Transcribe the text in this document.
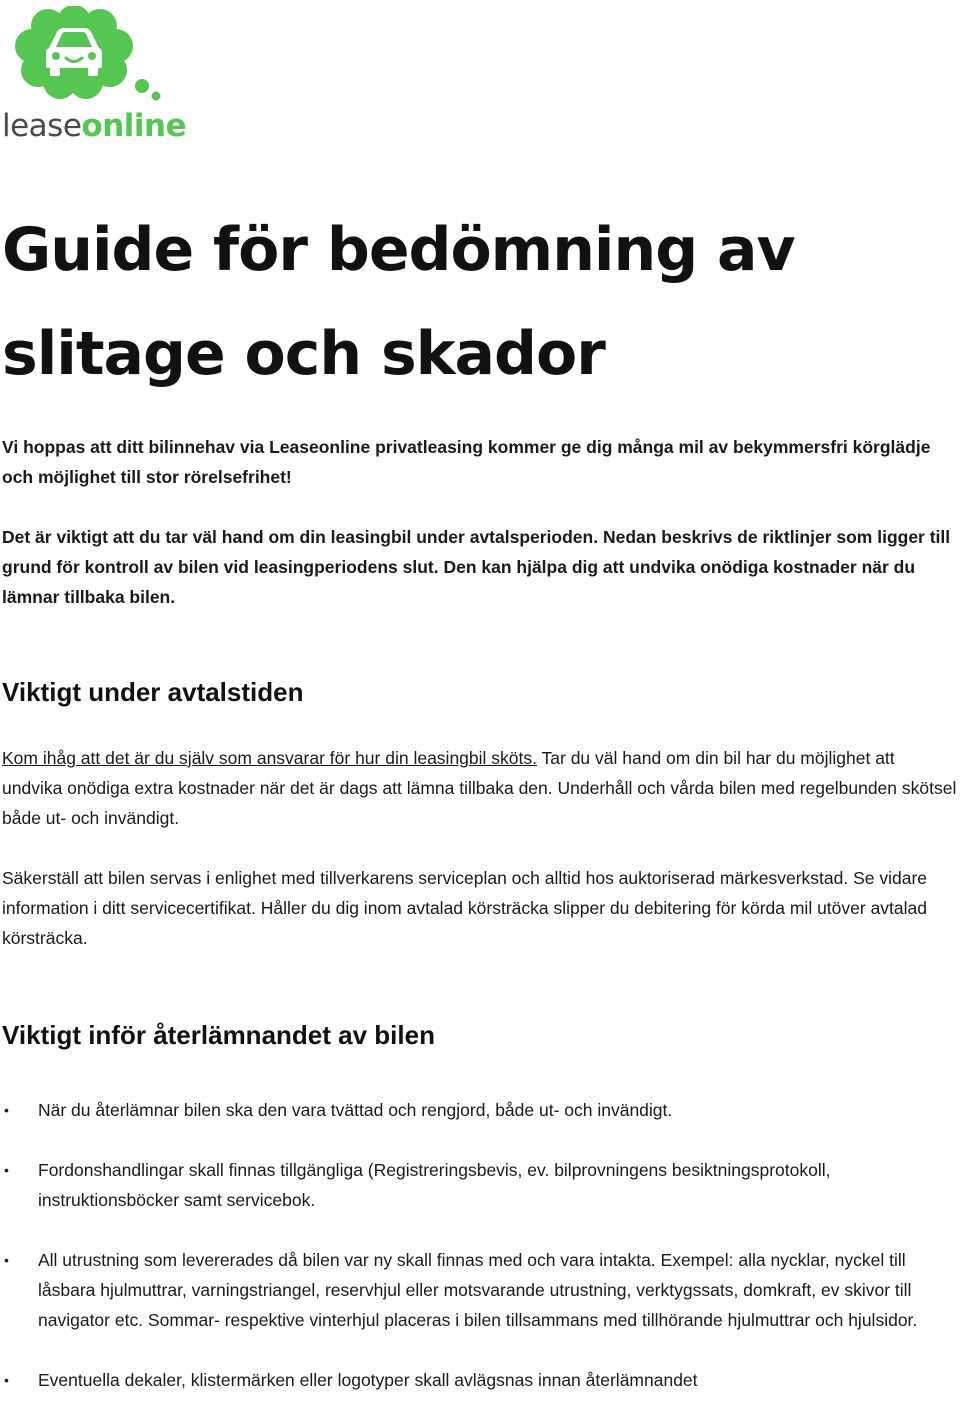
leaseonline
Guide för bedömning av slitage och skador

Vi hoppas att ditt bilinnehav via Leaseonline privatleasing kommer ge dig många mil av bekymmersfri körglädje och möjlighet till stor rörelsefrihet!

Det är viktigt att du tar väl hand om din leasingbil under avtalsperioden. Nedan beskrivs de riktlinjer som ligger till grund för kontroll av bilen vid leasingperiodens slut. Den kan hjälpa dig att undvika onödiga kostnader när du lämnar tillbaka bilen.

Viktigt under avtalstiden

Kom ihåg att det är du själv som ansvarar för hur din leasingbil sköts. Tar du väl hand om din bil har du möjlighet att undvika onödiga extra kostnader när det är dags att lämna tillbaka den. Underhåll och vårda bilen med regelbunden skötsel både ut- och invändigt.

Säkerställ att bilen servas i enlighet med tillverkarens serviceplan och alltid hos auktoriserad märkesverkstad. Se vidare information i ditt servicecertifikat. Håller du dig inom avtalad körsträcka slipper du debitering för körda mil utöver avtalad körsträcka.

Viktigt inför återlämnandet av bilen
• När du återlämnar bilen ska den vara tvättad och rengjord, både ut- och invändigt.
• Fordonshandlingar skall finnas tillgängliga (Registreringsbevis, ev. bilprovningens besiktningsprotokoll, instruktionsböcker samt servicebok.
• All utrustning som levererades då bilen var ny skall finnas med och vara intakta. Exempel: alla nycklar, nyckel till låsbara hjulmuttrar, varningstriangel, reservhjul eller motsvarande utrustning, verktygssats, domkraft, ev skivor till navigator etc. Sommar- respektive vinterhjul placeras i bilen tillsammans med tillhörande hjulmuttrar och hjulsidor.
• Eventuella dekaler, klistermärken eller logotyper skall avlägsnas innan återlämnandet
